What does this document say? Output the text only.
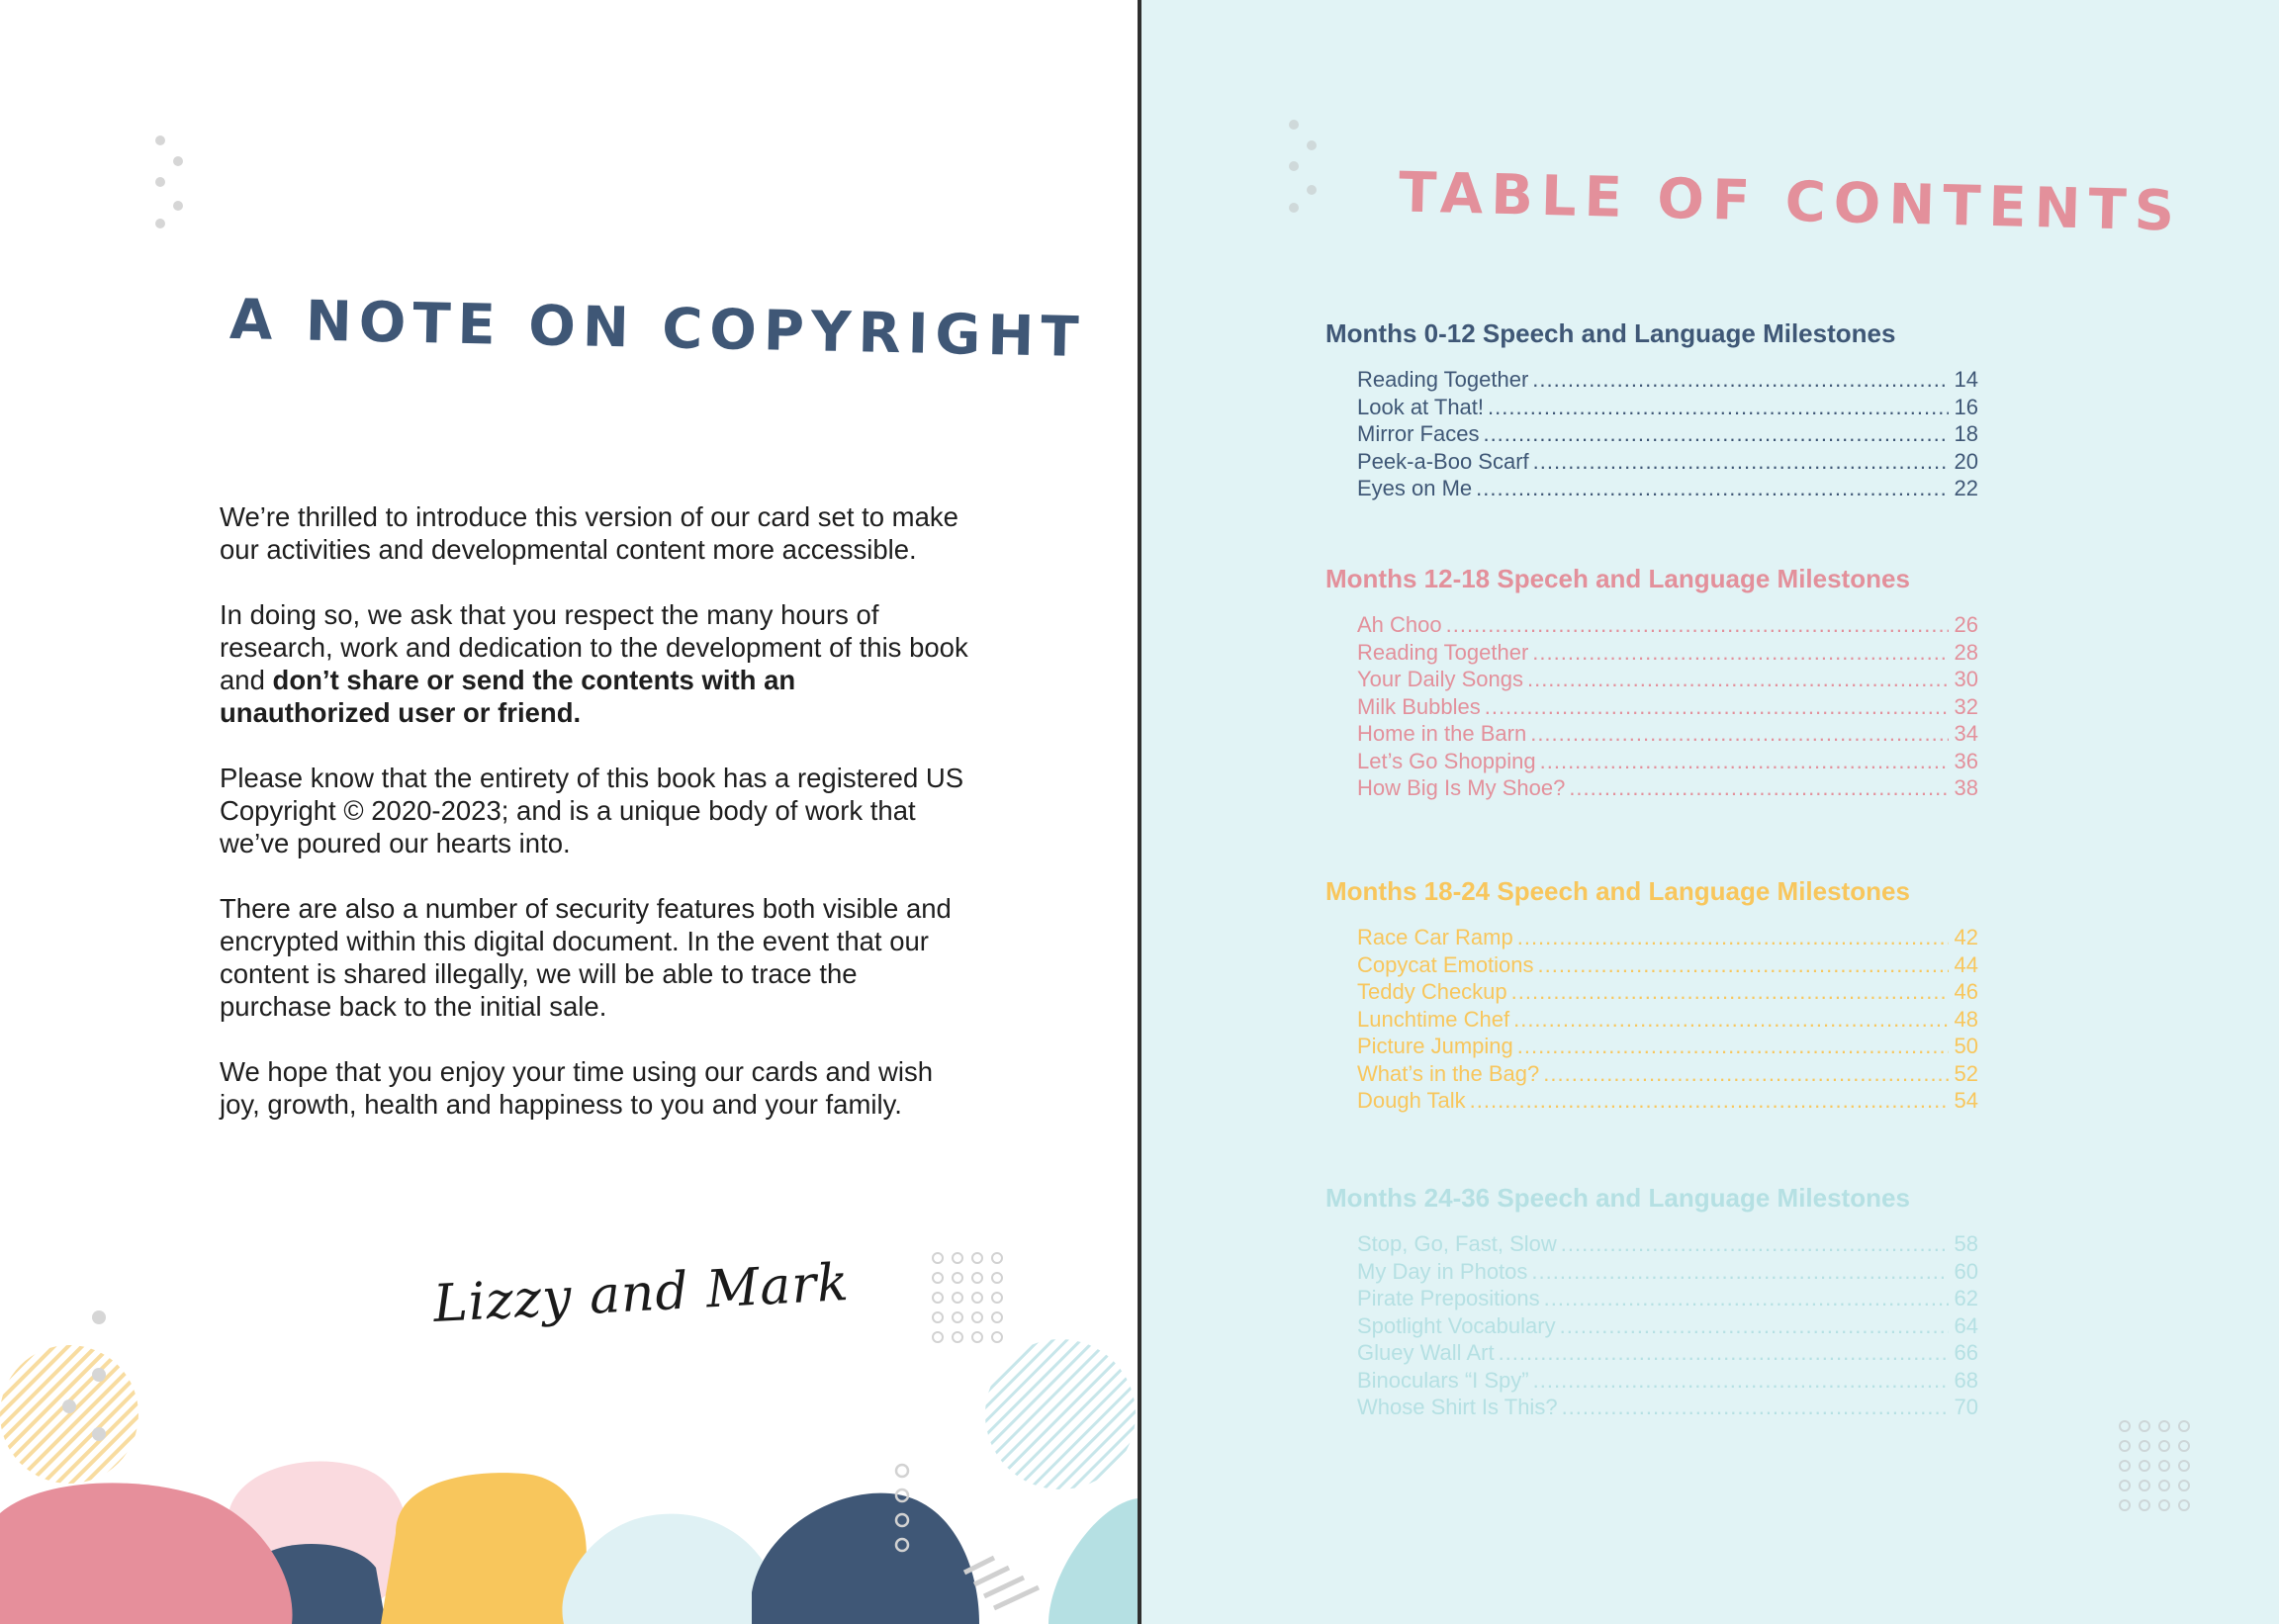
A NOTE ON COPYRIGHT

We’re thrilled to introduce this version of our card set to make our activities and developmental content more accessible.

In doing so, we ask that you respect the many hours of research, work and dedication to the development of this book and don’t share or send the contents with an unauthorized user or friend.

Please know that the entirety of this book has a registered US Copyright © 2020-2023; and is a unique body of work that we’ve poured our hearts into.

There are also a number of security features both visible and encrypted within this digital document. In the event that our content is shared illegally, we will be able to trace the purchase back to the initial sale.

We hope that you enjoy your time using our cards and wish joy, growth, health and happiness to you and your family.

Lizzy and Mark
TABLE OF CONTENTS
Months 0-12 Speech and Language Milestones
Reading Together .....	14
Look at That! .....	16
Mirror Faces .....	18
Peek-a-Boo Scarf .....	20
Eyes on Me .....	22
Months 12-18 Speceh and Language Milestones
Ah Choo .....	26
Reading Together .....	28
Your Daily Songs .....	30
Milk Bubbles .....	32
Home in the Barn .....	34
Let’s Go Shopping .....	36
How Big Is My Shoe? .....	38
Months 18-24 Speech and Language Milestones
Race Car Ramp .....	42
Copycat Emotions .....	44
Teddy Checkup .....	46
Lunchtime Chef .....	48
Picture Jumping .....	50
What’s in the Bag? .....	52
Dough Talk .....	54
Months 24-36 Speech and Language Milestones
Stop, Go, Fast, Slow .....	58
My Day in Photos .....	60
Pirate Prepositions .....	62
Spotlight Vocabulary .....	64
Gluey Wall Art .....	66
Binoculars “I Spy” .....	68
Whose Shirt Is This? .....	70
